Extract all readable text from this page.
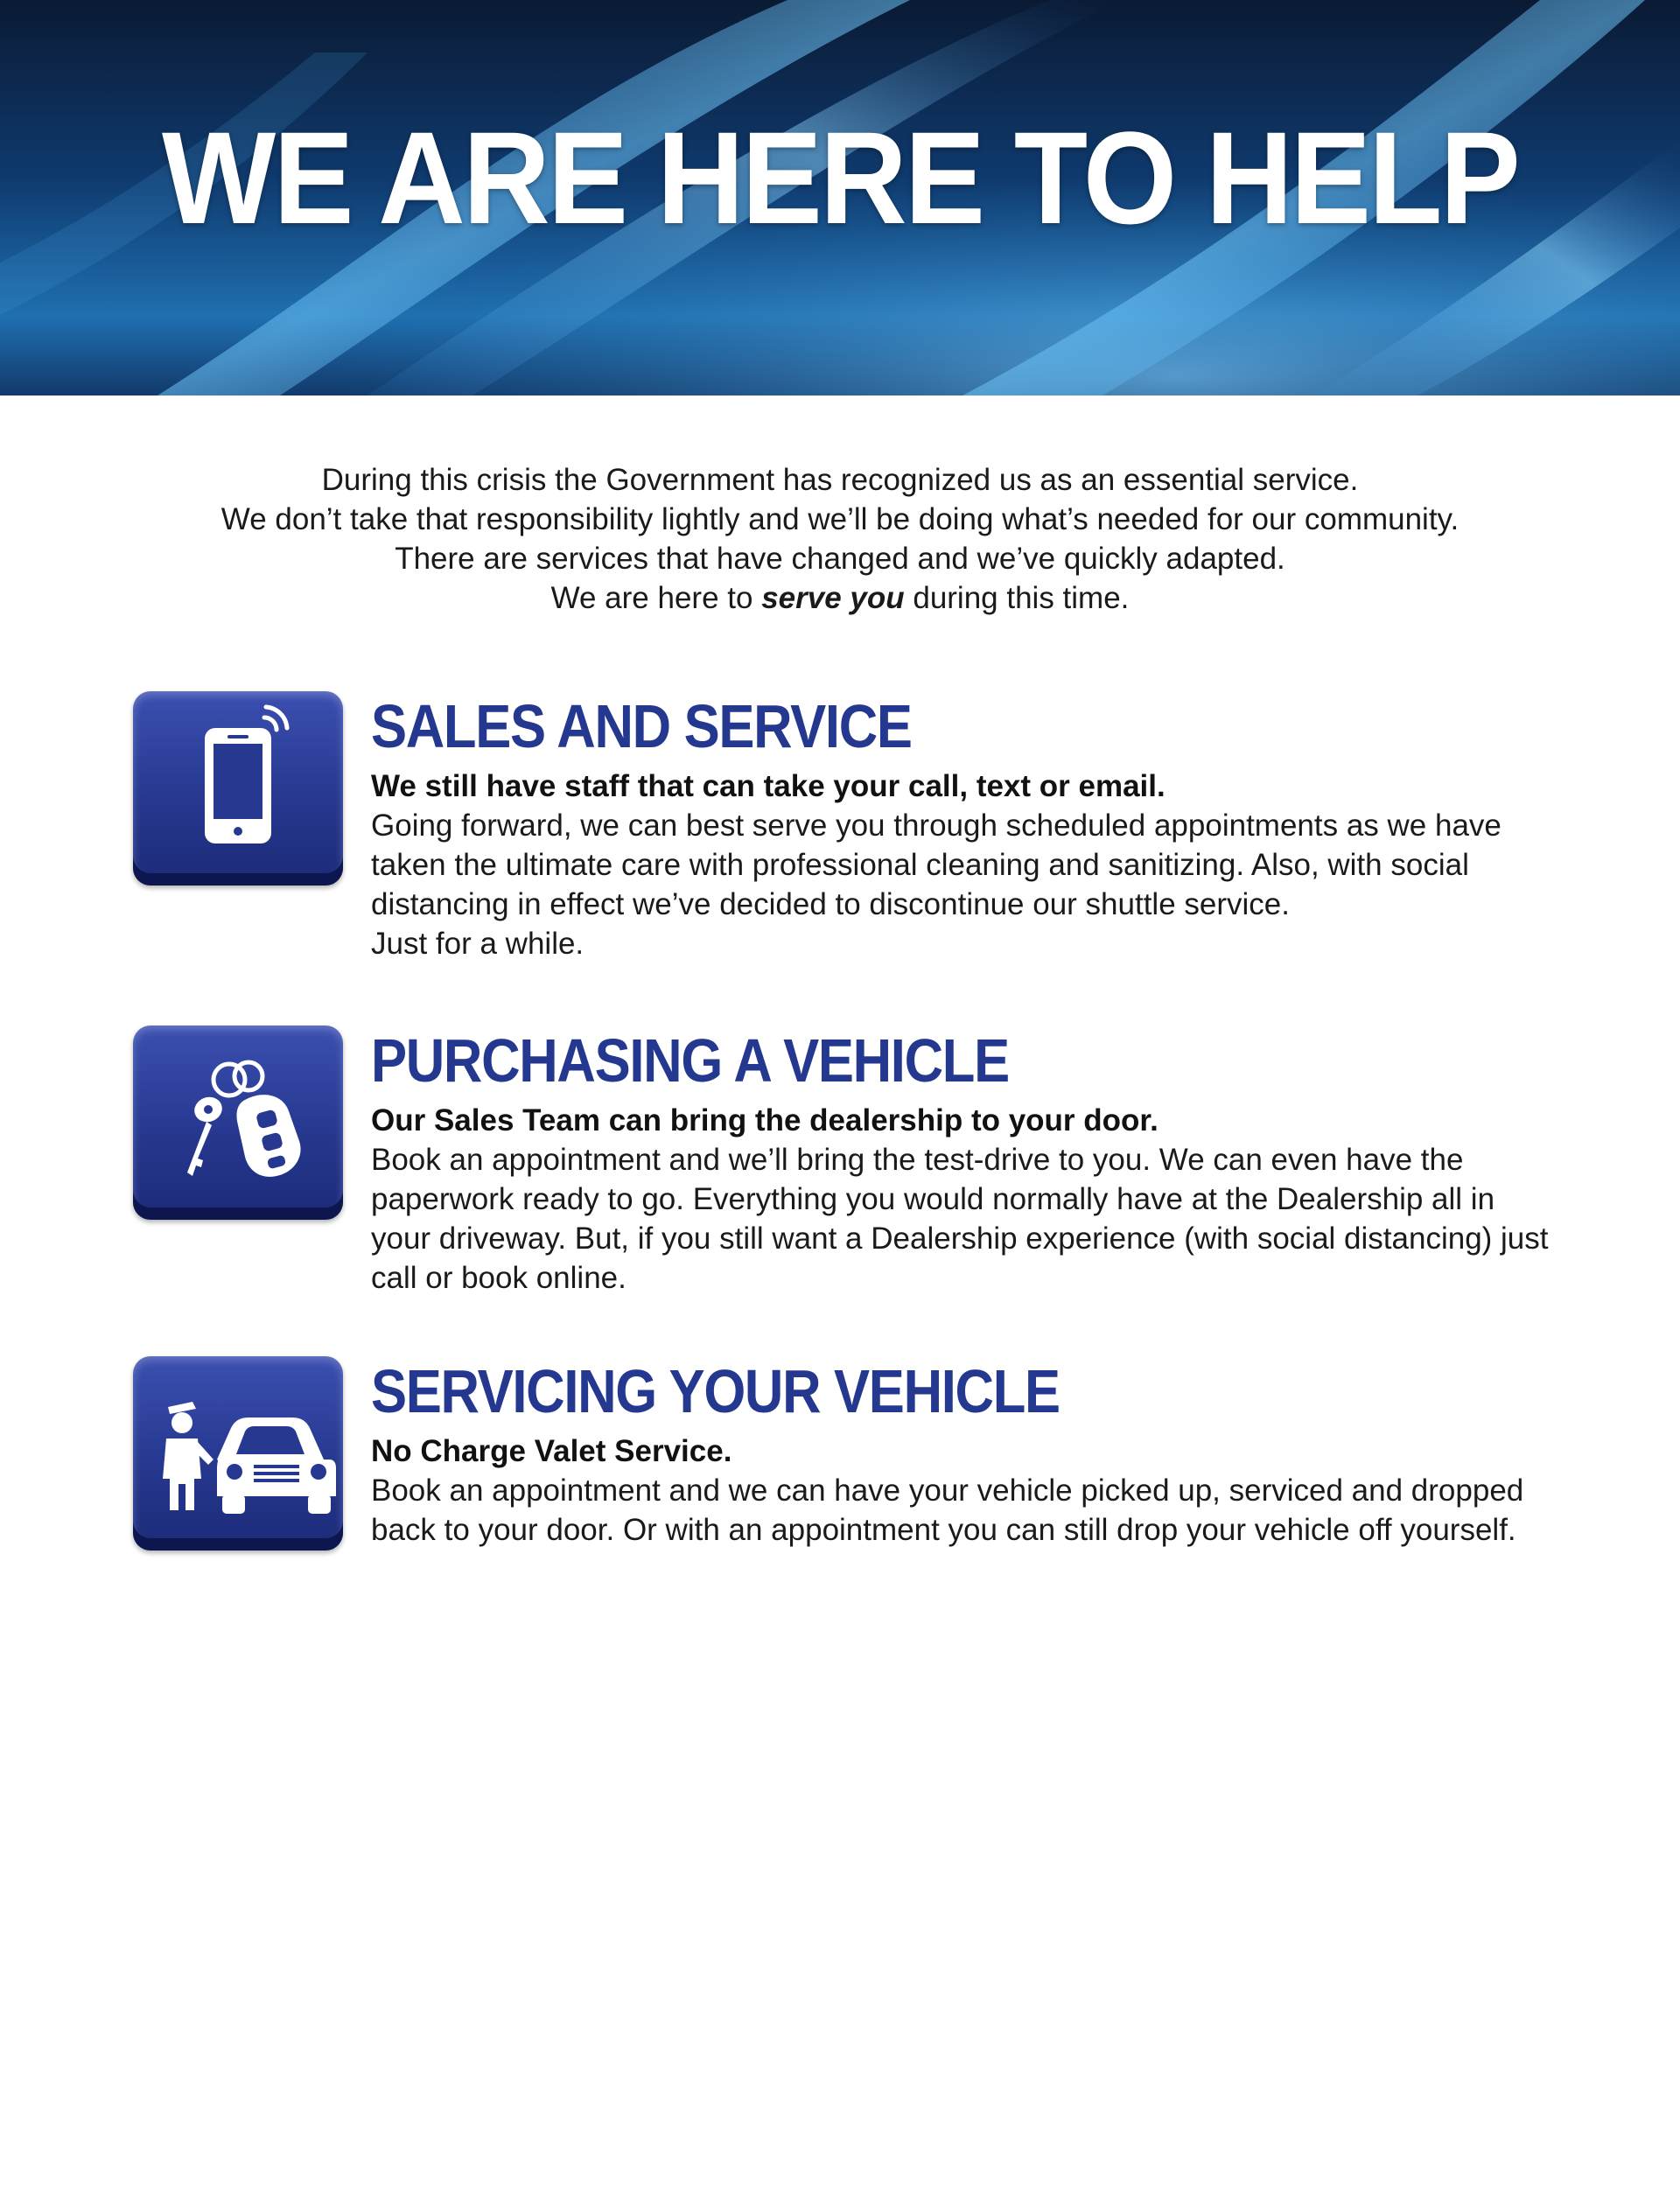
WE ARE HERE TO HELP

During this crisis the Government has recognized us as an essential service.

We don’t take that responsibility lightly and we’ll be doing what’s needed for our community.

There are services that have changed and we’ve quickly adapted.

We are here to serve you during this time.

SALES AND SERVICE

We still have staff that can take your call, text or email.

Going forward, we can best serve you through scheduled appointments as we have taken the ultimate care with professional cleaning and sanitizing. Also, with social distancing in effect we’ve decided to discontinue our shuttle service.

Just for a while.

PURCHASING A VEHICLE

Our Sales Team can bring the dealership to your door.

Book an appointment and we’ll bring the test-drive to you. We can even have the paperwork ready to go. Everything you would normally have at the Dealership all in your driveway. But, if you still want a Dealership experience (with social distancing) just call or book online.

SERVICING YOUR VEHICLE

No Charge Valet Service.

Book an appointment and we can have your vehicle picked up, serviced and dropped back to your door. Or with an appointment you can still drop your vehicle off yourself.
